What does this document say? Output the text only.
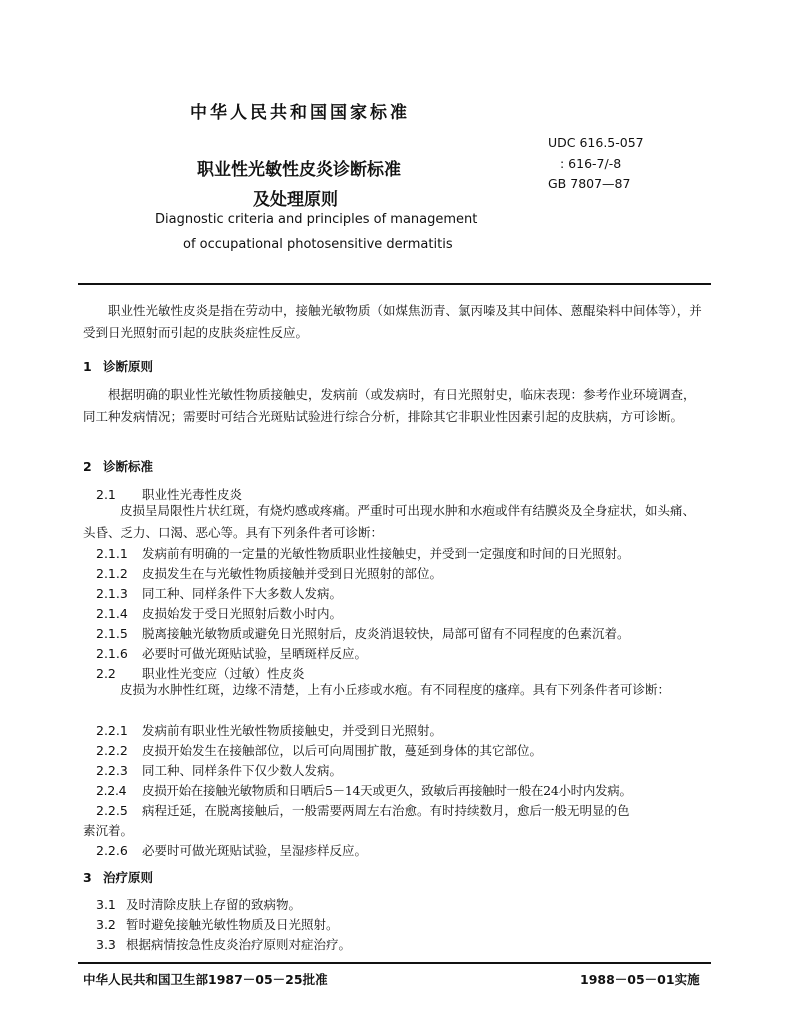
中华人民共和国国家标准
职业性光敏性皮炎诊断标准
及处理原则
Diagnostic criteria and principles of management
of occupational photosensitive dermatitis
UDC 616.5-057
: 616-7/-8
GB 7807—87
职业性光敏性皮炎是指在劳动中，接触光敏物质（如煤焦沥青、氯丙嗪及其中间体、蒽醌染料中间体等），并受到日光照射而引起的皮肤炎症性反应。
1 诊断原则
根据明确的职业性光敏性物质接触史，发病前（或发病时，有日光照射史，临床表现：参考作业环境调查，同工种发病情况；需要时可结合光斑贴试验进行综合分析，排除其它非职业性因素引起的皮肤病，方可诊断。
2 诊断标准
2.1 职业性光毒性皮炎
皮损呈局限性片状红斑，有烧灼感或疼痛。严重时可出现水肿和水疱或伴有结膜炎及全身症状，如头痛、头昏、乏力、口渴、恶心等。具有下列条件者可诊断：
2.1.1 发病前有明确的一定量的光敏性物质职业性接触史，并受到一定强度和时间的日光照射。
2.1.2 皮损发生在与光敏性物质接触并受到日光照射的部位。
2.1.3 同工种、同样条件下大多数人发病。
2.1.4 皮损始发于受日光照射后数小时内。
2.1.5 脱离接触光敏物质或避免日光照射后，皮炎消退较快，局部可留有不同程度的色素沉着。
2.1.6 必要时可做光斑贴试验，呈晒斑样反应。
2.2 职业性光变应（过敏）性皮炎
皮损为水肿性红斑，边缘不清楚，上有小丘疹或水疱。有不同程度的瘙痒。具有下列条件者可诊断：
2.2.1 发病前有职业性光敏性物质接触史，并受到日光照射。
2.2.2 皮损开始发生在接触部位，以后可向周围扩散，蔓延到身体的其它部位。
2.2.3 同工种、同样条件下仅少数人发病。
2.2.4 皮损开始在接触光敏物质和日晒后5－14天或更久，致敏后再接触时一般在24小时内发病。
2.2.5 病程迁延，在脱离接触后，一般需要两周左右治愈。有时持续数月，愈后一般无明显的色
素沉着。
2.2.6 必要时可做光斑贴试验，呈湿疹样反应。
3 治疗原则
3.1 及时清除皮肤上存留的致病物。
3.2 暂时避免接触光敏性物质及日光照射。
3.3 根据病情按急性皮炎治疗原则对症治疗。
中华人民共和国卫生部1987－05－25批准	1988－05－01实施
